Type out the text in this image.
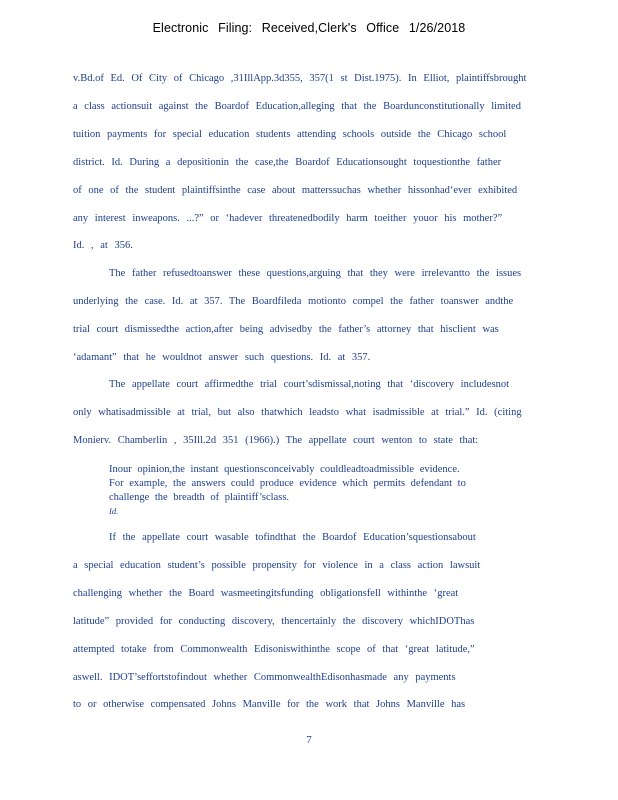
Electronic Filing: Received,Clerk's Office 1/26/2018
v.Bd.of Ed. Of City of Chicago ,31IllApp.3d355, 357(1 st Dist.1975). In Elliot, plaintiffsbrought
a class actionsuit against the Boardof Education,alleging that the Boardunconstitutionally limited
tuition payments for special education students attending schools outside the Chicago school
district. Id. During a depositionin the case,the Boardof Educationsought toquestionthe father
of one of the student plaintiffsinthe case about matterssuchas whether hissonhad‘ever exhibited
any interest inweapons. ...?” or ‘hadever threatenedbodily harm toeither youor his mother?”
Id. , at 356.
The father refusedtoanswer these questions,arguing that they were irrelevantto the issues
underlying the case. Id. at 357. The Boardfileda motionto compel the father toanswer andthe
trial court dismissedthe action,after being advisedby the father’s attorney that hisclient was
‘adamant” that he wouldnot answer such questions. Id. at 357.
The appellate court affirmedthe trial court’sdismissal,noting that ‘discovery includesnot
only whatisadmissible at trial, but also thatwhich leadsto what isadmissible at trial.” Id. (citing
Monierv. Chamberlin , 35Ill.2d 351 (1966).) The appellate court wenton to state that:
Inour opinion,the instant questionsconceivably couldleadtoadmissible evidence.
For example, the answers could produce evidence which permits defendant to
challenge the breadth of plaintiff’sclass.
Id.
If the appellate court wasable tofindthat the Boardof Education’squestionsabout
a special education student’s possible propensity for violence in a class action lawsuit
challenging whether the Board wasmeetingitsfunding obligationsfell withinthe ‘great
latitude” provided for conducting discovery, thencertainly the discovery whichIDOThas
attempted totake from Commonwealth Edisoniswithinthe scope of that ‘great latitude,”
aswell. IDOT’seffortstofindout whether CommonwealthEdisonhasmade any payments
to or otherwise compensated Johns Manville for the work that Johns Manville has
7
